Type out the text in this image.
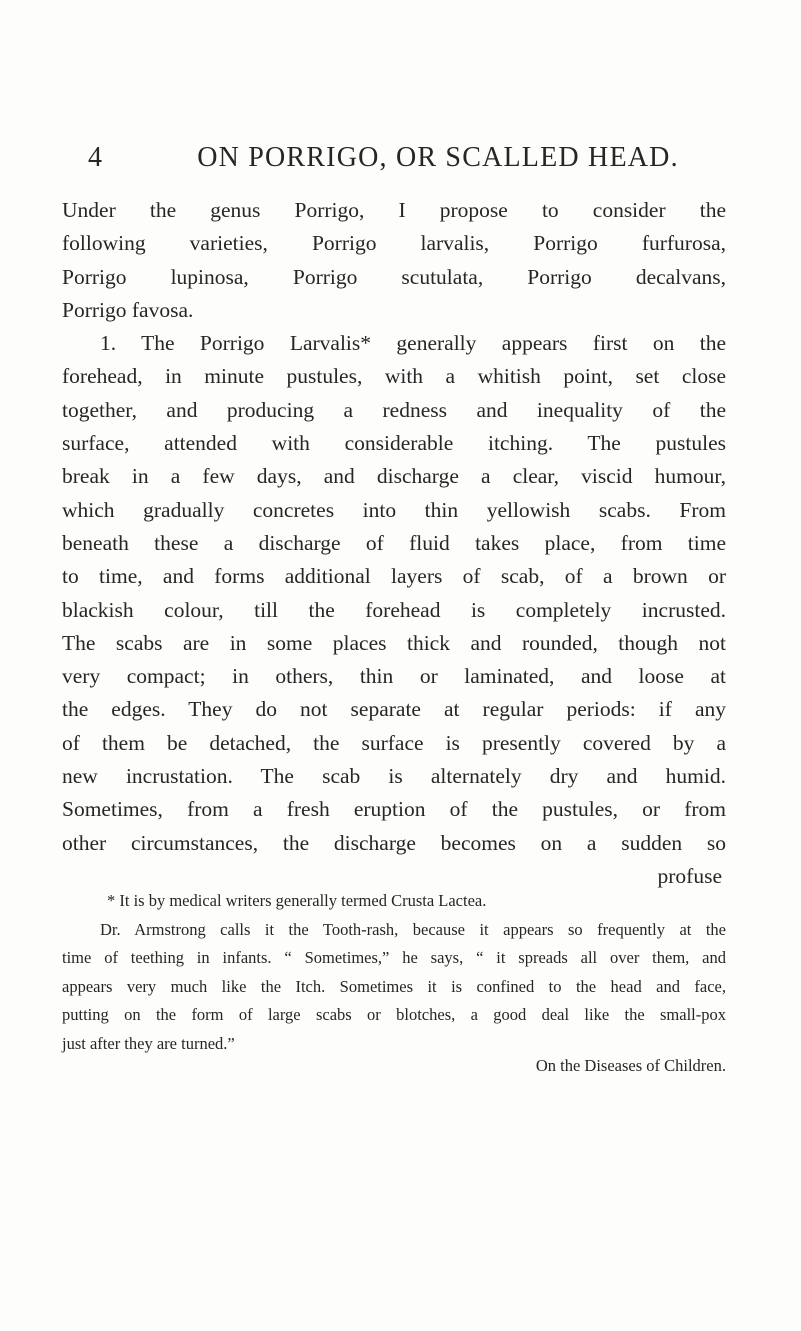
4	ON PORRIGO, OR SCALLED HEAD.
Under the genus Porrigo, I propose to consider the
following varieties, Porrigo larvalis, Porrigo furfurosa,
Porrigo lupinosa, Porrigo scutulata, Porrigo decalvans,
Porrigo favosa.
1. The Porrigo Larvalis* generally appears first on the
forehead, in minute pustules, with a whitish point, set close
together, and producing a redness and inequality of the
surface, attended with considerable itching. The pustules
break in a few days, and discharge a clear, viscid humour,
which gradually concretes into thin yellowish scabs. From
beneath these a discharge of fluid takes place, from time
to time, and forms additional layers of scab, of a brown or
blackish colour, till the forehead is completely incrusted.
The scabs are in some places thick and rounded, though not
very compact; in others, thin or laminated, and loose at
the edges. They do not separate at regular periods: if any
of them be detached, the surface is presently covered by a
new incrustation. The scab is alternately dry and humid.
Sometimes, from a fresh eruption of the pustules, or from
other circumstances, the discharge becomes on a sudden so
profuse
* It is by medical writers generally termed Crusta Lactea.
Dr. Armstrong calls it the Tooth-rash, because it appears so frequently at the
time of teething in infants. “ Sometimes,” he says, “ it spreads all over them, and
appears very much like the Itch. Sometimes it is confined to the head and face,
putting on the form of large scabs or blotches, a good deal like the small-pox
just after they are turned.”
On the Diseases of Children.
